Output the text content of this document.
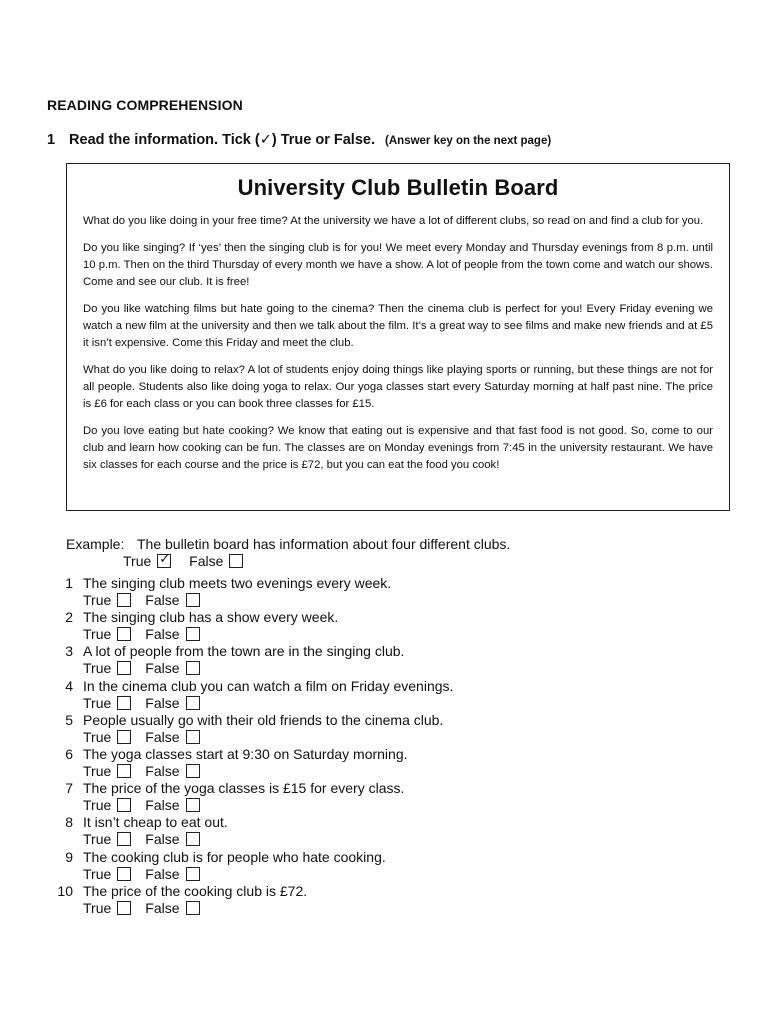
READING COMPREHENSION
1 Read the information. Tick (✓) True or False. (Answer key on the next page)
University Club Bulletin Board

What do you like doing in your free time? At the university we have a lot of different clubs, so read on and find a club for you.

Do you like singing? If ‘yes’ then the singing club is for you! We meet every Monday and Thursday evenings from 8 p.m. until 10 p.m. Then on the third Thursday of every month we have a show. A lot of people from the town come and watch our shows. Come and see our club. It is free!

Do you like watching films but hate going to the cinema? Then the cinema club is perfect for you! Every Friday evening we watch a new film at the university and then we talk about the film. It’s a great way to see films and make new friends and at £5 it isn’t expensive. Come this Friday and meet the club.

What do you like doing to relax? A lot of students enjoy doing things like playing sports or running, but these things are not for all people. Students also like doing yoga to relax. Our yoga classes start every Saturday morning at half past nine. The price is £6 for each class or you can book three classes for £15.

Do you love eating but hate cooking? We know that eating out is expensive and that fast food is not good. So, come to our club and learn how cooking can be fun. The classes are on Monday evenings from 7:45 in the university restaurant. We have six classes for each course and the price is £72, but you can eat the food you cook!

Example: The bulletin board has information about four different clubs.
True✓	False
1 The singing club meets two evenings every week.
True False
2 The singing club has a show every week.
True False
3 A lot of people from the town are in the singing club.
True False
4 In the cinema club you can watch a film on Friday evenings.
True False
5 People usually go with their old friends to the cinema club.
True False
6 The yoga classes start at 9:30 on Saturday morning.
True False
7 The price of the yoga classes is £15 for every class.
True False
8 It isn’t cheap to eat out.
True False
9 The cooking club is for people who hate cooking.
True False
10 The price of the cooking club is £72.
True False
